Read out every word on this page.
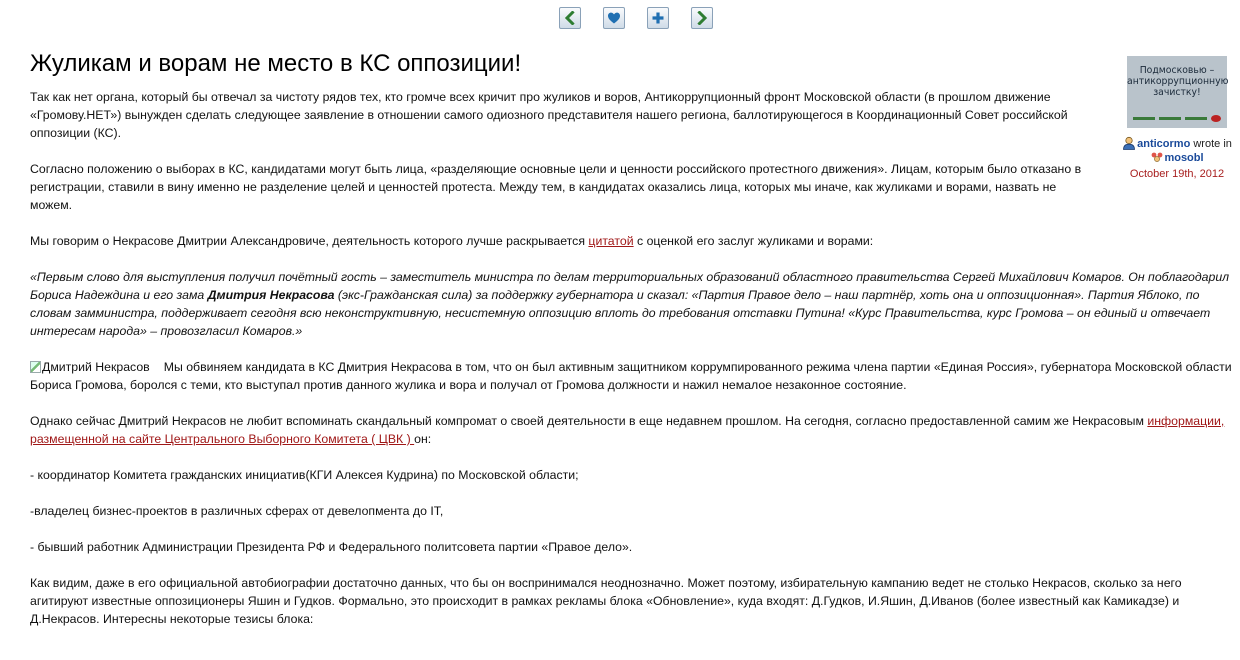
Жуликам и ворам не место в КС оппозиции!	Подмосковью – антикоррупционную зачистку!
anticormo wrote in
mosobl
October 19th, 2012

Так как нет органа, который бы отвечал за чистоту рядов тех, кто громче всех кричит про жуликов и воров, Антикоррупционный фронт Московской области (в прошлом движение «Громову.НЕТ») вынужден сделать следующее заявление в отношении самого одиозного представителя нашего региона, баллотирующегося в Координационный Совет российской оппозиции (КС).

Согласно положению о выборах в КС, кандидатами могут быть лица, «разделяющие основные цели и ценности российского протестного движения». Лицам, которым было отказано в регистрации, ставили в вину именно не разделение целей и ценностей протеста. Между тем, в кандидатах оказались лица, которых мы иначе, как жуликами и ворами, назвать не можем.

Мы говорим о Некрасове Дмитрии Александровиче, деятельность которого лучше раскрывается цитатой с оценкой его заслуг жуликами и ворами:

«Первым слово для выступления получил почётный гость – заместитель министра по делам территориальных образований областного правительства Сергей Михайлович Комаров. Он поблагодарил Бориса Надеждина и его зама Дмитрия Некрасова (экс-Гражданская сила) за поддержку губернатора и сказал: «Партия Правое дело – наш партнёр, хоть она и оппозиционная». Партия Яблоко, по словам замминистра, поддерживает сегодня всю неконструктивную, несистемную оппозицию вплоть до требования отставки Путина! «Курс Правительства, курс Громова – он единый и отвечает интересам народа» – провозгласил Комаров.»

Дмитрий Некрасов Мы обвиняем кандидата в КС Дмитрия Некрасова в том, что он был активным защитником коррумпированного режима члена партии «Единая Россия», губернатора Московской области Бориса Громова, боролся с теми, кто выступал против данного жулика и вора и получал от Громова должности и нажил немалое незаконное состояние.

Однако сейчас Дмитрий Некрасов не любит вспоминать скандальный компромат о своей деятельности в еще недавнем прошлом. На сегодня, согласно предоставленной самим же Некрасовым информации, размещенной на сайте Центрального Выборного Комитета ( ЦВК ) он:

- координатор Комитета гражданских инициатив(КГИ Алексея Кудрина) по Московской области;

-владелец бизнес-проектов в различных сферах от девелопмента до IT,

- бывший работник Администрации Президента РФ и Федерального политсовета партии «Правое дело».

Как видим, даже в его официальной автобиографии достаточно данных, что бы он воспринимался неоднозначно. Может поэтому, избирательную кампанию ведет не столько Некрасов, сколько за него агитируют известные оппозиционеры Яшин и Гудков. Формально, это происходит в рамках рекламы блока «Обновление», куда входят: Д.Гудков, И.Яшин, Д.Иванов (более известный как Камикадзе) и Д.Некрасов. Интересны некоторые тезисы блока:
